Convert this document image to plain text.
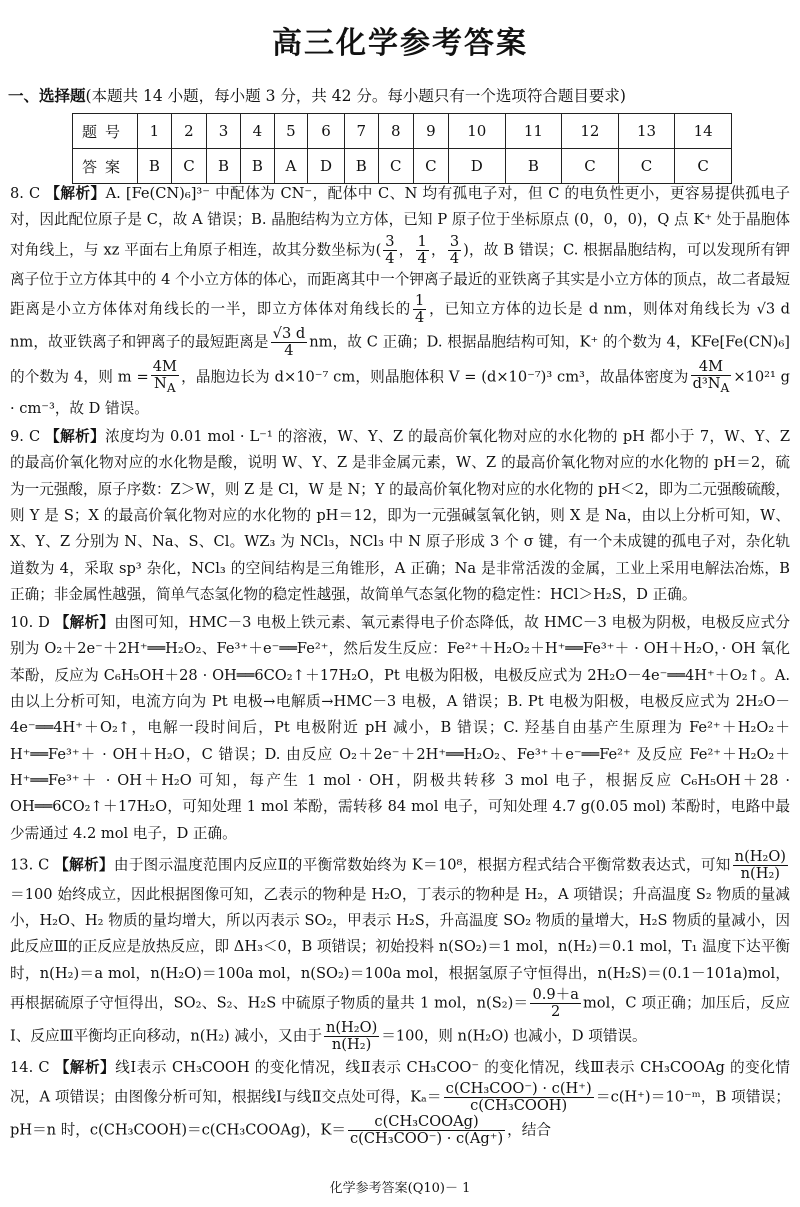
高三化学参考答案
一、选择题(本题共 14 小题，每小题 3 分，共 42 分。每小题只有一个选项符合题目要求)
题号	1	2	3	4	5	6	7	8	9	10	11	12	13	14
答案	B	C	B	B	A	D	B	C	C	D	B	C	C	C
8. C 【解析】A. [Fe(CN)₆]³⁻ 中配体为 CN⁻，配体中 C、N 均有孤电子对，但 C 的电负性更小，更容易提供孤电子对，因此配位原子是 C，故 A 错误；B. 晶胞结构为立方体，已知 P 原子位于坐标原点 (0，0，0)，Q 点 K⁺ 处于晶胞体对角线上，与 xz 平面右上角原子相连，故其分数坐标为( $\frac{3}{4}$ ， $\frac{1}{4}$ ， $\frac{3}{4}$ )，故 B 错误；C. 根据晶胞结构，可以发现所有钾离子位于立方体其中的 4 个小立方体的体心，而距离其中一个钾离子最近的亚铁离子其实是小立方体的顶点，故二者最短距离是小立方体体对角线长的一半，即立方体体对角线长的 $\frac{1}{4}$ ，已知立方体的边长是 d nm，则体对角线长为 √3 d nm，故亚铁离子和钾离子的最短距离是 $\frac{√3 d}{4}$ nm，故 C 正确；D. 根据晶胞结构可知，K⁺ 的个数为 4，KFe[Fe(CN)₆] 的个数为 4，则 $m = \frac{4M}{N_A}$ ，晶胞边长为 d×10⁻⁷ cm，则晶胞体积 V = (d×10⁻⁷)³ cm³，故晶体密度为 $\frac{4M}{d^3N_A} \times 10^{21}$ g · cm⁻³，故 D 错误。
9. C 【解析】浓度均为 0.01 mol · L⁻¹ 的溶液，W、Y、Z 的最高价氧化物对应的水化物的 pH 都小于 7，W、Y、Z 的最高价氧化物对应的水化物是酸，说明 W、Y、Z 是非金属元素，W、Z 的最高价氧化物对应的水化物的 pH＝2，硫为一元强酸，原子序数：Z＞W，则 Z 是 Cl，W 是 N；Y 的最高价氧化物对应的水化物的 pH＜2，即为二元强酸硫酸，则 Y 是 S；X 的最高价氧化物对应的水化物的 pH＝12，即为一元强碱氢氧化钠，则 X 是 Na，由以上分析可知，W、X、Y、Z 分别为 N、Na、S、Cl。WZ₃ 为 NCl₃，NCl₃ 中 N 原子形成 3 个 σ 键，有一个未成键的孤电子对，杂化轨道数为 4，采取 sp³ 杂化，NCl₃ 的空间结构是三角锥形，A 正确；Na 是非常活泼的金属，工业上采用电解法冶炼，B 正确；非金属性越强，简单气态氢化物的稳定性越强，故简单气态氢化物的稳定性：HCl＞H₂S，D 正确。
10. D 【解析】由图可知，HMC－3 电极上铁元素、氧元素得电子价态降低，故 HMC－3 电极为阴极，电极反应式分别为 O₂＋2e⁻＋2H⁺══H₂O₂、Fe³⁺＋e⁻══Fe²⁺，然后发生反应：Fe²⁺＋H₂O₂＋H⁺══Fe³⁺＋ · OH＋H₂O，· OH 氧化苯酚，反应为 C₆H₅OH＋28 · OH══6CO₂↑＋17H₂O，Pt 电极为阳极，电极反应式为 2H₂O－4e⁻══4H⁺＋O₂↑。A. 由以上分析可知，电流方向为 Pt 电极→电解质→HMC－3 电极，A 错误；B. Pt 电极为阳极，电极反应式为 2H₂O－4e⁻══4H⁺＋O₂↑，电解一段时间后，Pt 电极附近 pH 减小，B 错误；C. 羟基自由基产生原理为 Fe²⁺＋H₂O₂＋H⁺══Fe³⁺＋ · OH＋H₂O，C 错误；D. 由反应 O₂＋2e⁻＋2H⁺══H₂O₂、Fe³⁺＋e⁻══Fe²⁺ 及反应 Fe²⁺＋H₂O₂＋H⁺══Fe³⁺＋ · OH＋H₂O 可知，每产生 1 mol · OH，阴极共转移 3 mol 电子，根据反应 C₆H₅OH＋28 · OH══6CO₂↑＋17H₂O，可知处理 1 mol 苯酚，需转移 84 mol 电子，可知处理 4.7 g(0.05 mol) 苯酚时，电路中最少需通过 4.2 mol 电子，D 正确。
13. C 【解析】由于图示温度范围内反应Ⅱ的平衡常数始终为 K＝10⁸，根据方程式结合平衡常数表达式，可知 $\frac{\text{n(H₂O)}}{\text{n(H₂)}}$
＝100 始终成立，因此根据图像可知，乙表示的物种是 H₂O，丁表示的物种是 H₂，A 项错误；升高温度 S₂ 物质的量减小，H₂O、H₂ 物质的量均增大，所以丙表示 SO₂，甲表示 H₂S，升高温度 SO₂ 物质的量增大，H₂S 物质的量减小，因此反应Ⅲ的正反应是放热反应，即 ΔH₃＜0，B 项错误；初始投料 n(SO₂)＝1 mol，n(H₂)＝0.1 mol，T₁ 温度下达平衡时，n(H₂)＝a mol，n(H₂O)＝100a mol，n(SO₂)＝100a mol，根据氢原子守恒得出，n(H₂S)＝(0.1－101a)mol，再根据硫原子守恒得出，SO₂、S₂、H₂S 中硫原子物质的量共 1 mol，$n(S_2)= \frac{0.9+a}{2}$ mol，C 项正确；加压后，反应Ⅰ、反应Ⅲ平衡均正向移动，n(H₂) 减小，又由于 $\frac{\text{n(H₂O)}}{\text{n(H₂)}} =100$，则 n(H₂O) 也减小，D 项错误。
14. C 【解析】线Ⅰ表示 CH₃COOH 的变化情况，线Ⅱ表示 CH₃COO⁻ 的变化情况，线Ⅲ表示 CH₃COOAg 的变化情况，A 项错误；由图像分析可知，根据线Ⅰ与线Ⅱ交点处可得，$K_a= \frac{\text{c(CH₃COO⁻) · c(H⁺)}}{\text{c(CH₃COOH)}}$ ＝c(H⁺)＝10⁻ᵐ，B 项错误；pH＝n 时，c(CH₃COOH)＝c(CH₃COOAg)，$K= \frac{\text{c(CH₃COOAg)}}{\text{c(CH₃COO⁻) · c(Ag⁺)}}$ ，结合
化学参考答案(Q10)－ 1
